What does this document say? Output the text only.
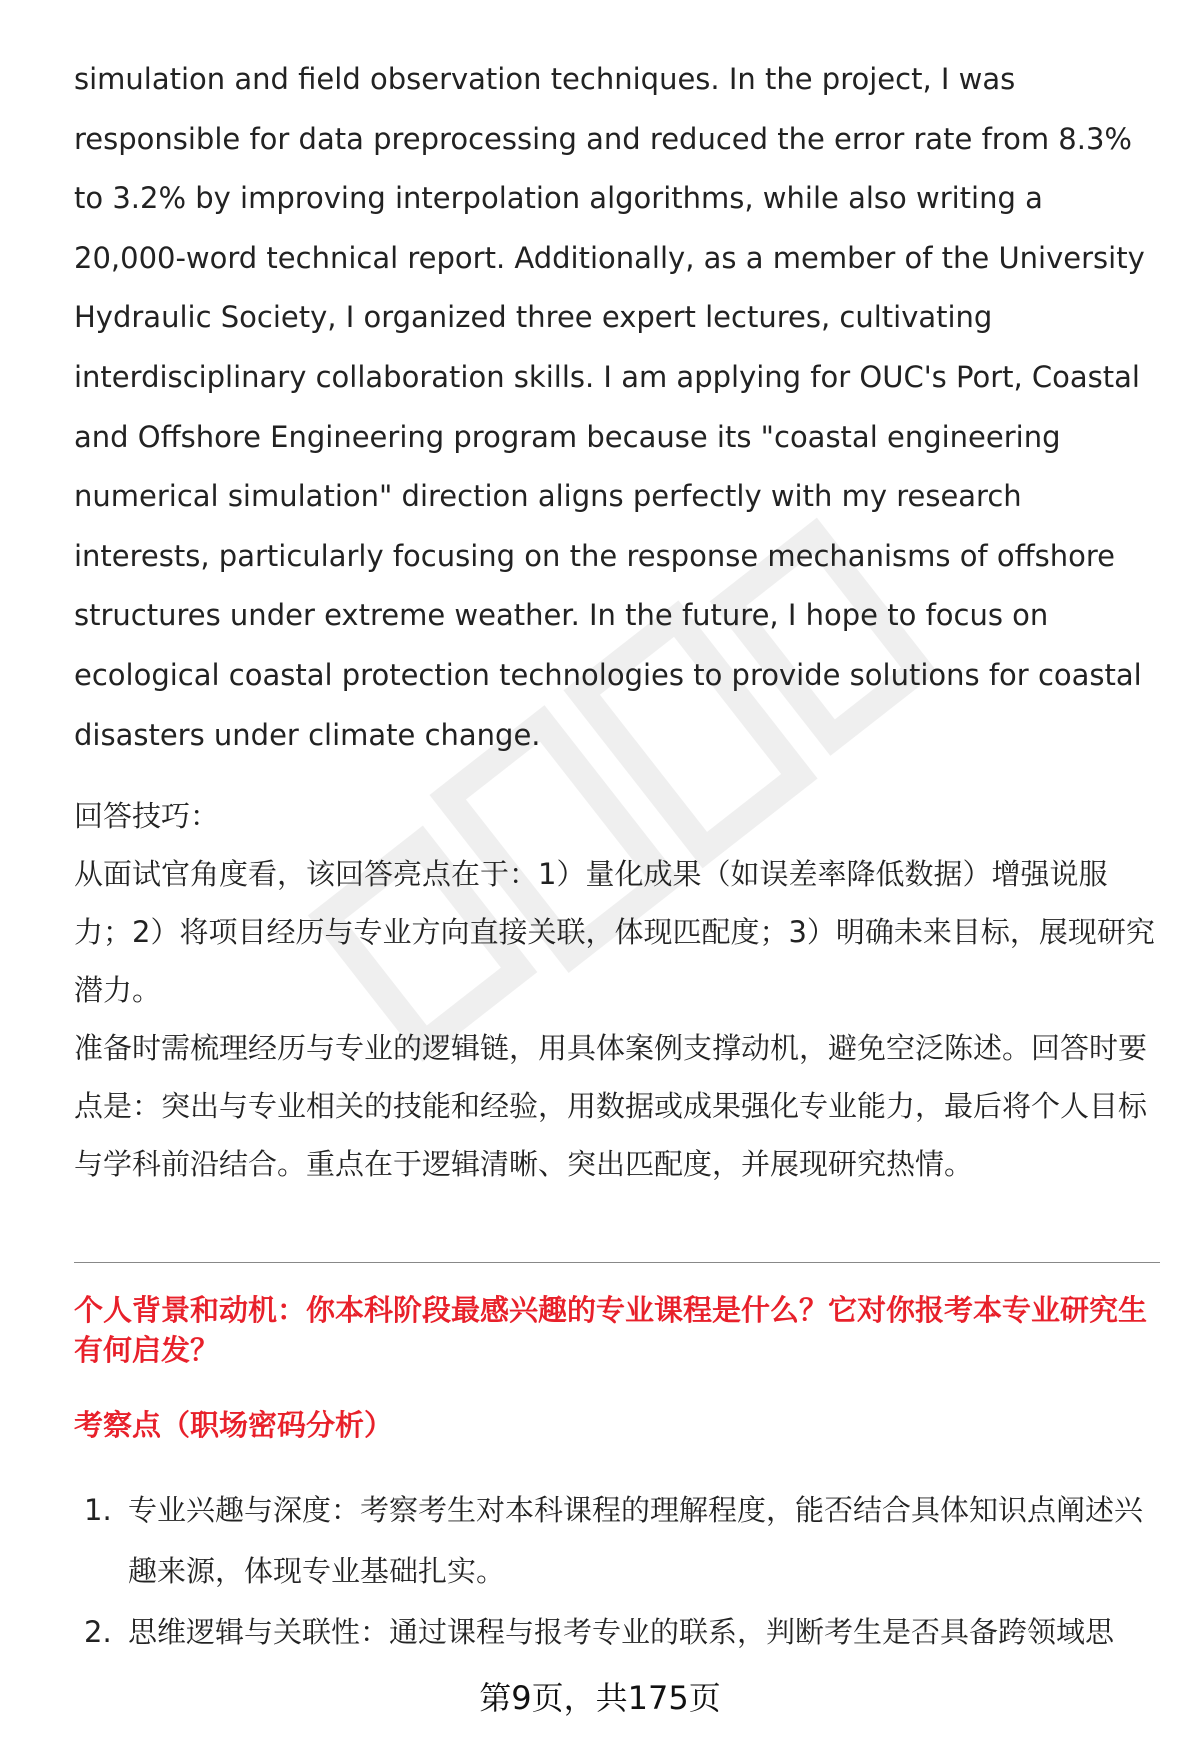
simulation and field observation techniques. In the project, I was responsible for data preprocessing and reduced the error rate from 8.3% to 3.2% by improving interpolation algorithms, while also writing a 20,000-word technical report. Additionally, as a member of the University Hydraulic Society, I organized three expert lectures, cultivating interdisciplinary collaboration skills. I am applying for OUC's Port, Coastal and Offshore Engineering program because its "coastal engineering numerical simulation" direction aligns perfectly with my research interests, particularly focusing on the response mechanisms of offshore structures under extreme weather. In the future, I hope to focus on ecological coastal protection technologies to provide solutions for coastal disasters under climate change.

回答技巧：

从面试官角度看，该回答亮点在于：1）量化成果（如误差率降低数据）增强说服力；2）将项目经历与专业方向直接关联，体现匹配度；3）明确未来目标，展现研究潜力。

准备时需梳理经历与专业的逻辑链，用具体案例支撑动机，避免空泛陈述。回答时要点是：突出与专业相关的技能和经验，用数据或成果强化专业能力，最后将个人目标与学科前沿结合。重点在于逻辑清晰、突出匹配度，并展现研究热情。

个人背景和动机：你本科阶段最感兴趣的专业课程是什么？它对你报考本专业研究生有何启发？

考察点（职场密码分析）

1. 专业兴趣与深度：考察考生对本科课程的理解程度，能否结合具体知识点阐述兴趣来源，体现专业基础扎实。
2. 思维逻辑与关联性：通过课程与报考专业的联系，判断考生是否具备跨领域思
第9页，共175页
